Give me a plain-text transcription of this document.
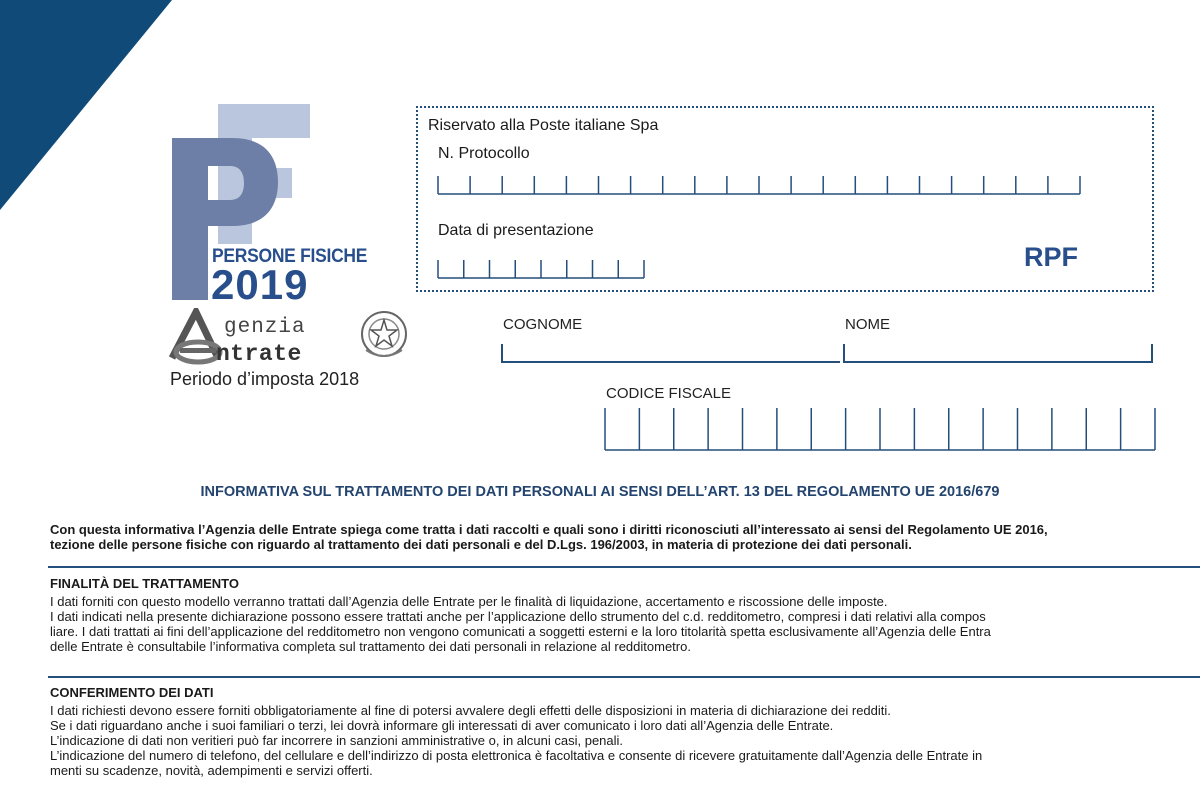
PERSONE FISICHE
2019
genzia
ntrate
Periodo d’imposta 2018
Riservato alla Poste italiane Spa
N. Protocollo
Data di presentazione
RPF
COGNOME	NOME
CODICE FISCALE
INFORMATIVA SUL TRATTAMENTO DEI DATI PERSONALI AI SENSI DELL’ART. 13 DEL REGOLAMENTO UE 2016/679
Con questa informativa l’Agenzia delle Entrate spiega come tratta i dati raccolti e quali sono i diritti riconosciuti all’interessato ai sensi del Regolamento UE 2016,
tezione delle persone fisiche con riguardo al trattamento dei dati personali e del D.Lgs. 196/2003, in materia di protezione dei dati personali.
FINALITÀ DEL TRATTAMENTO
I dati forniti con questo modello verranno trattati dall’Agenzia delle Entrate per le finalità di liquidazione, accertamento e riscossione delle imposte.
I dati indicati nella presente dichiarazione possono essere trattati anche per l’applicazione dello strumento del c.d. redditometro, compresi i dati relativi alla compos
liare. I dati trattati ai fini dell’applicazione del redditometro non vengono comunicati a soggetti esterni e la loro titolarità spetta esclusivamente all’Agenzia delle Entra
delle Entrate è consultabile l’informativa completa sul trattamento dei dati personali in relazione al redditometro.
CONFERIMENTO DEI DATI
I dati richiesti devono essere forniti obbligatoriamente al fine di potersi avvalere degli effetti delle disposizioni in materia di dichiarazione dei redditi.
Se i dati riguardano anche i suoi familiari o terzi, lei dovrà informare gli interessati di aver comunicato i loro dati all’Agenzia delle Entrate.
L’indicazione di dati non veritieri può far incorrere in sanzioni amministrative o, in alcuni casi, penali.
L’indicazione del numero di telefono, del cellulare e dell’indirizzo di posta elettronica è facoltativa e consente di ricevere gratuitamente dall’Agenzia delle Entrate in
menti su scadenze, novità, adempimenti e servizi offerti.
